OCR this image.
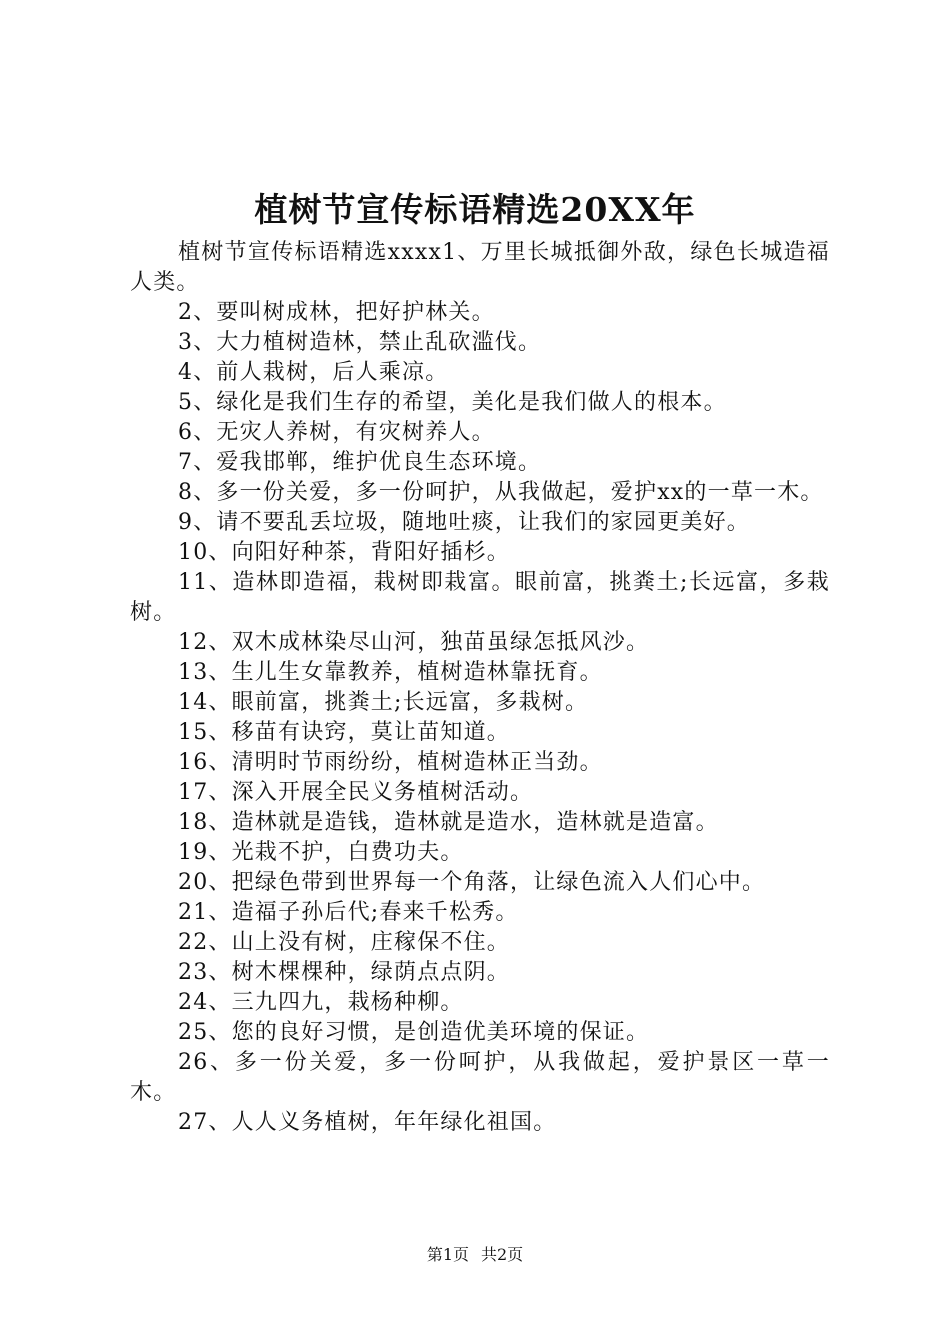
植树节宣传标语精选20XX年

植树节宣传标语精选xxxx1、万里长城抵御外敌，绿色长城造福人类。

2、要叫树成林，把好护林关。

3、大力植树造林，禁止乱砍滥伐。

4、前人栽树，后人乘凉。

5、绿化是我们生存的希望，美化是我们做人的根本。

6、无灾人养树，有灾树养人。

7、爱我邯郸，维护优良生态环境。

8、多一份关爱，多一份呵护，从我做起，爱护xx的一草一木。

9、请不要乱丢垃圾，随地吐痰，让我们的家园更美好。

10、向阳好种茶，背阳好插杉。

11、造林即造福，栽树即栽富。眼前富，挑粪土;长远富，多栽树。

12、双木成林染尽山河，独苗虽绿怎抵风沙。

13、生儿生女靠教养，植树造林靠抚育。

14、眼前富，挑粪土;长远富，多栽树。

15、移苗有诀窍，莫让苗知道。

16、清明时节雨纷纷，植树造林正当劲。

17、深入开展全民义务植树活动。

18、造林就是造钱，造林就是造水，造林就是造富。

19、光栽不护，白费功夫。

20、把绿色带到世界每一个角落，让绿色流入人们心中。

21、造福子孙后代;春来千松秀。

22、山上没有树，庄稼保不住。

23、树木棵棵种，绿荫点点阴。

24、三九四九，栽杨种柳。

25、您的良好习惯，是创造优美环境的保证。

26、多一份关爱，多一份呵护，从我做起，爱护景区一草一木。

27、人人义务植树，年年绿化祖国。

第1页 共2页
